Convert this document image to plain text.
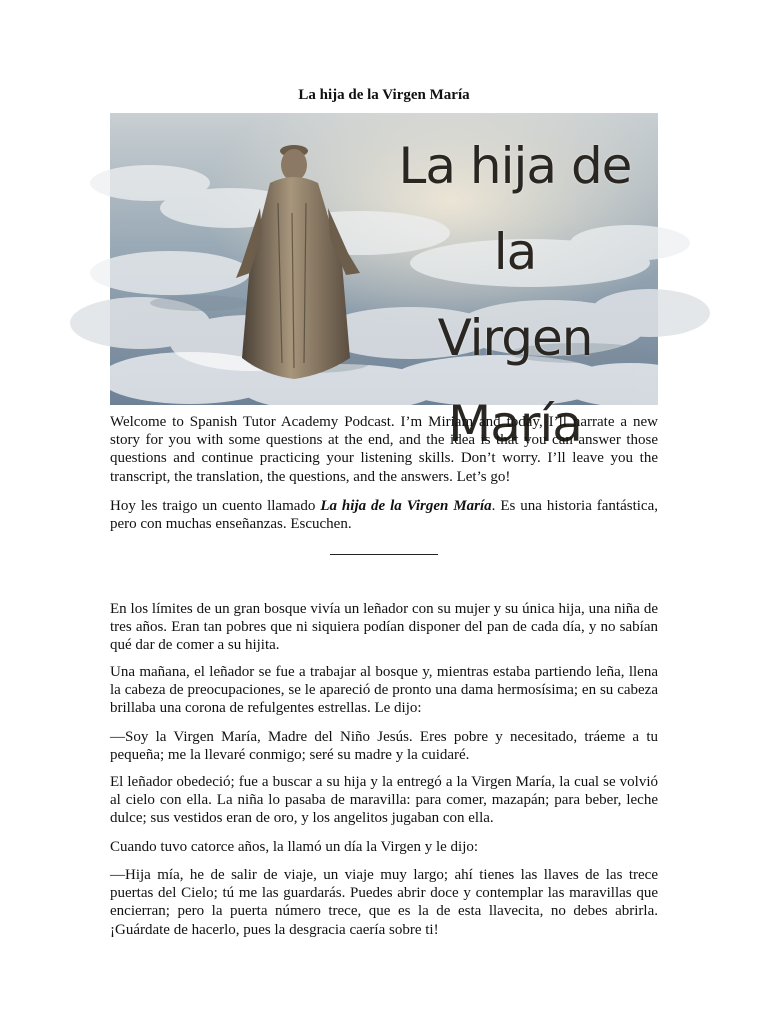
La hija de la Virgen María
La hija de la
Virgen María

Welcome to Spanish Tutor Academy Podcast. I’m Miriam and today, I’ll narrate a new story for you with some questions at the end, and the idea is that you can answer those questions and continue practicing your listening skills. Don’t worry. I’ll leave you the transcript, the translation, the questions, and the answers. Let’s go!

Hoy les traigo un cuento llamado La hija de la Virgen María. Es una historia fantástica, pero con muchas enseñanzas. Escuchen.

En los límites de un gran bosque vivía un leñador con su mujer y su única hija, una niña de tres años. Eran tan pobres que ni siquiera podían disponer del pan de cada día, y no sabían qué dar de comer a su hijita.

Una mañana, el leñador se fue a trabajar al bosque y, mientras estaba partiendo leña, llena la cabeza de preocupaciones, se le apareció de pronto una dama hermosísima; en su cabeza brillaba una corona de refulgentes estrellas. Le dijo:

—Soy la Virgen María, Madre del Niño Jesús. Eres pobre y necesitado, tráeme a tu pequeña; me la llevaré conmigo; seré su madre y la cuidaré.

El leñador obedeció; fue a buscar a su hija y la entregó a la Virgen María, la cual se volvió al cielo con ella. La niña lo pasaba de maravilla: para comer, mazapán; para beber, leche dulce; sus vestidos eran de oro, y los angelitos jugaban con ella.

Cuando tuvo catorce años, la llamó un día la Virgen y le dijo:

—Hija mía, he de salir de viaje, un viaje muy largo; ahí tienes las llaves de las trece puertas del Cielo; tú me las guardarás. Puedes abrir doce y contemplar las maravillas que encierran; pero la puerta número trece, que es la de esta llavecita, no debes abrirla. ¡Guárdate de hacerlo, pues la desgracia caería sobre ti!
